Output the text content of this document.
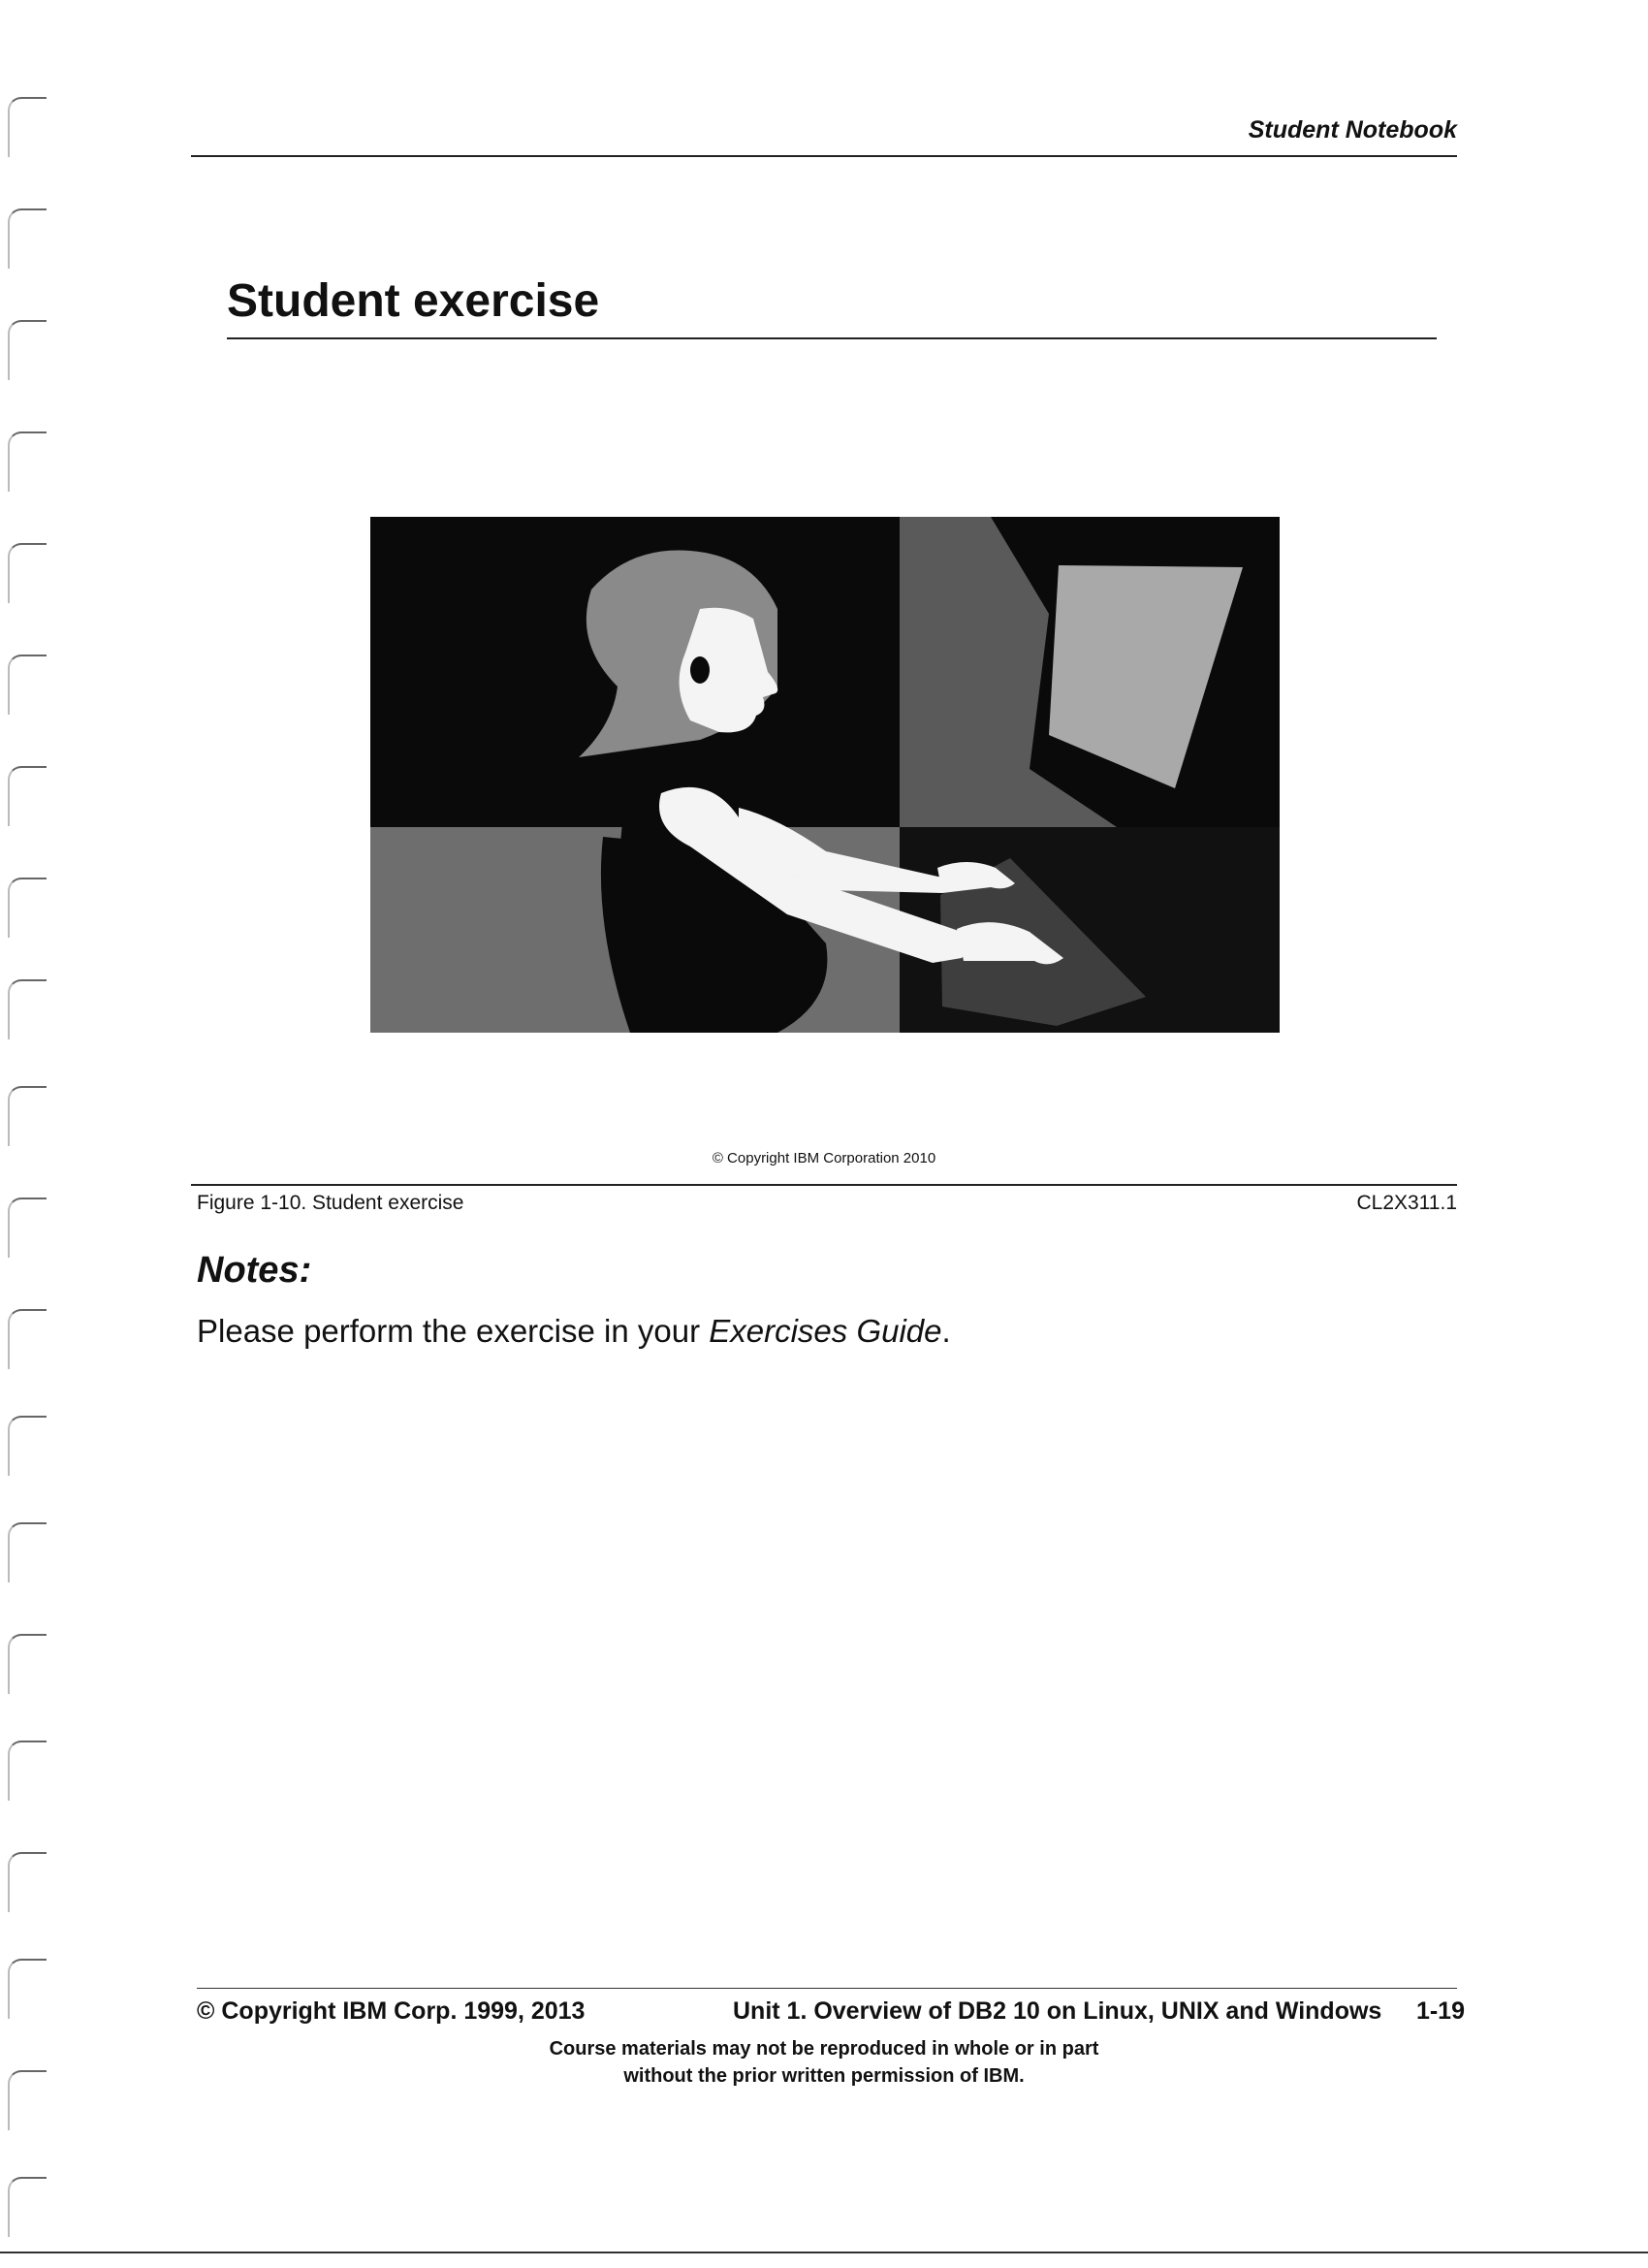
Student Notebook
Student exercise
© Copyright IBM Corporation 2010
Figure 1-10. Student exercise	CL2X311.1
Notes:
Please perform the exercise in your Exercises Guide.
© Copyright IBM Corp. 1999, 2013	Unit 1. Overview of DB2 10 on Linux, UNIX and Windows 1-19
Course materials may not be reproduced in whole or in part
without the prior written permission of IBM.
